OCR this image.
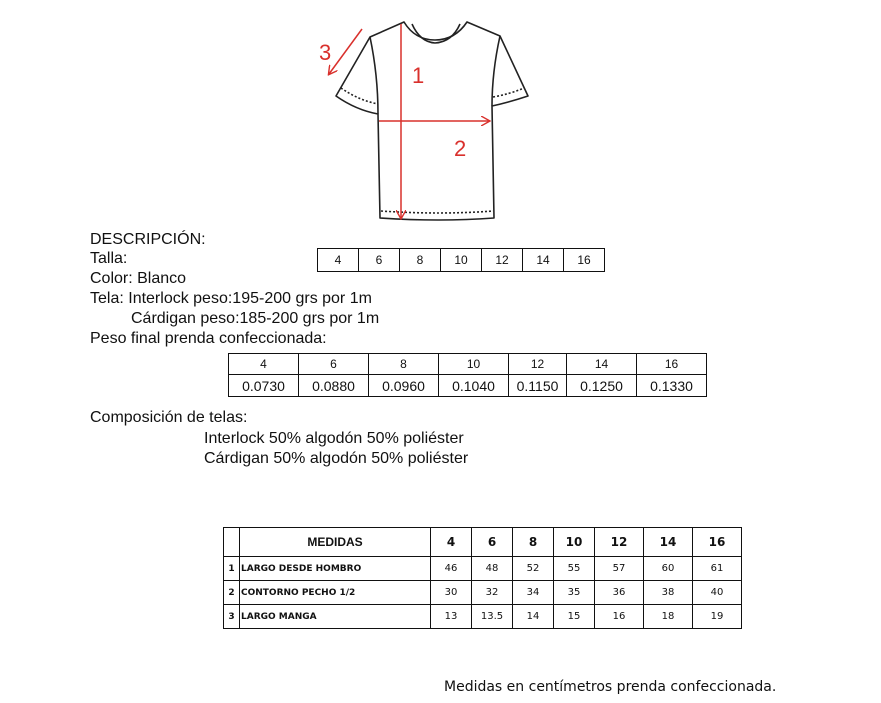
1
2
3
DESCRIPCIÓN:
Talla:
Color: Blanco
Tela: Interlock peso:195-200 grs por 1m
Cárdigan peso:185-200 grs por 1m
Peso final prenda confeccionada:
4	6	8	10	12	14	16
4	6	8	10	12	14	16
0.0730	0.0880	0.0960	0.1040	0.1150	0.1250	0.1330
Composición de telas:
Interlock 50% algodón 50% poliéster
Cárdigan 50% algodón 50% poliéster
	MEDIDAS	4	6	8	10	12	14	16
1	LARGO DESDE HOMBRO	46	48	52	55	57	60	61
2	CONTORNO PECHO 1/2	30	32	34	35	36	38	40
3	LARGO MANGA	13	13.5	14	15	16	18	19
Medidas en centímetros prenda confeccionada.
